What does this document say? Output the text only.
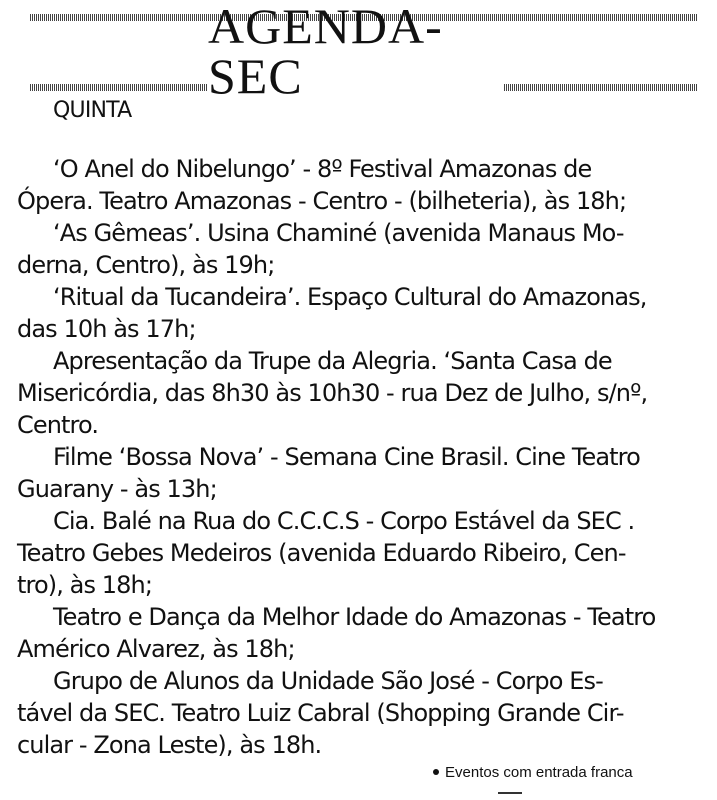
AGENDA-SEC
QUINTA
‘O Anel do Nibelungo’ - 8º Festival Amazonas de
Ópera. Teatro Amazonas - Centro - (bilheteria), às 18h;
‘As Gêmeas’. Usina Chaminé (avenida Manaus Mo-
derna, Centro), às 19h;
‘Ritual da Tucandeira’. Espaço Cultural do Amazonas,
das 10h às 17h;
Apresentação da Trupe da Alegria. ‘Santa Casa de
Misericórdia, das 8h30 às 10h30 - rua Dez de Julho, s/nº,
Centro.
Filme ‘Bossa Nova’ - Semana Cine Brasil. Cine Teatro
Guarany - às 13h;
Cia. Balé na Rua do C.C.C.S - Corpo Estável da SEC .
Teatro Gebes Medeiros (avenida Eduardo Ribeiro, Cen-
tro), às 18h;
Teatro e Dança da Melhor Idade do Amazonas - Teatro
Américo Alvarez, às 18h;
Grupo de Alunos da Unidade São José - Corpo Es-
tável da SEC. Teatro Luiz Cabral (Shopping Grande Cir-
cular - Zona Leste), às 18h.
Eventos com entrada franca
